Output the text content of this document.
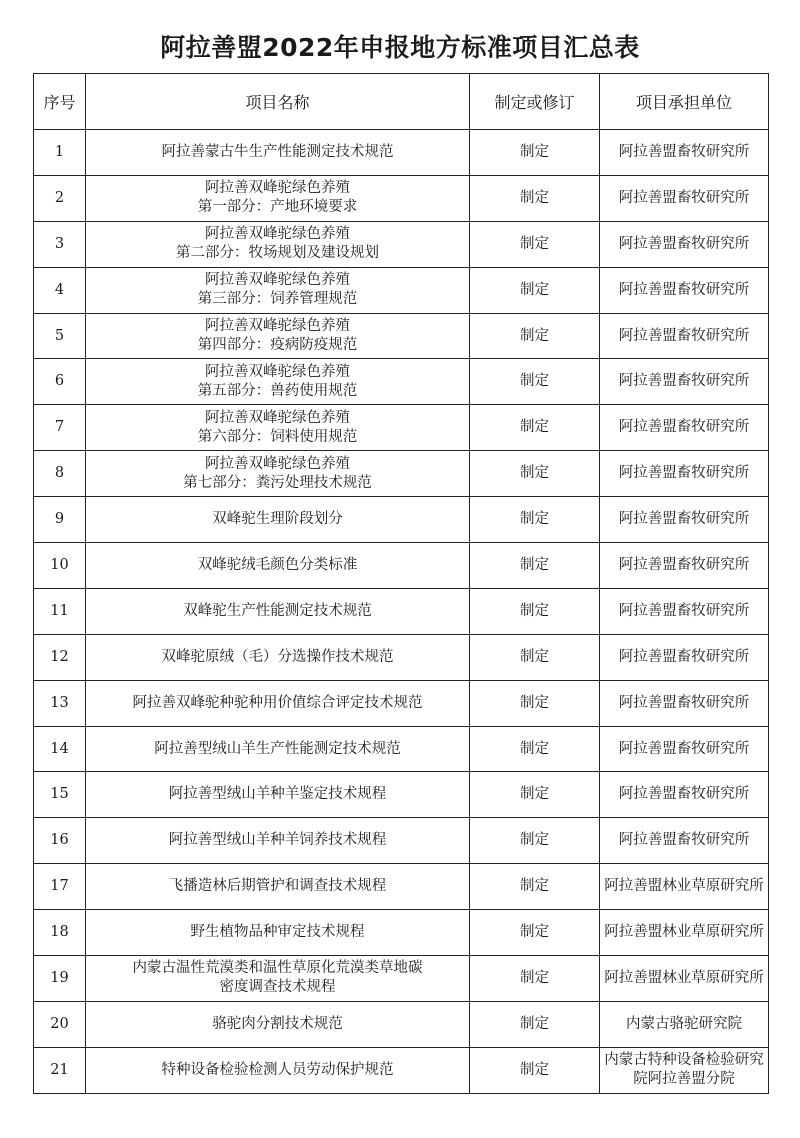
阿拉善盟2022年申报地方标准项目汇总表
序号	项目名称	制定或修订	项目承担单位
1	阿拉善蒙古牛生产性能测定技术规范	制定	阿拉善盟畜牧研究所

2	阿拉善双峰驼绿色养殖
第一部分：产地环境要求	制定	阿拉善盟畜牧研究所

3	阿拉善双峰驼绿色养殖
第二部分：牧场规划及建设规划	制定	阿拉善盟畜牧研究所

4	阿拉善双峰驼绿色养殖
第三部分：饲养管理规范	制定	阿拉善盟畜牧研究所

5	阿拉善双峰驼绿色养殖
第四部分：疫病防疫规范	制定	阿拉善盟畜牧研究所

6	阿拉善双峰驼绿色养殖
第五部分：兽药使用规范	制定	阿拉善盟畜牧研究所

7	阿拉善双峰驼绿色养殖
第六部分：饲料使用规范	制定	阿拉善盟畜牧研究所

8	阿拉善双峰驼绿色养殖
第七部分：粪污处理技术规范	制定	阿拉善盟畜牧研究所

9	双峰驼生理阶段划分	制定	阿拉善盟畜牧研究所

10	双峰驼绒毛颜色分类标准	制定	阿拉善盟畜牧研究所

11	双峰驼生产性能测定技术规范	制定	阿拉善盟畜牧研究所

12	双峰驼原绒（毛）分选操作技术规范	制定	阿拉善盟畜牧研究所

13	阿拉善双峰驼种驼种用价值综合评定技术规范	制定	阿拉善盟畜牧研究所

14	阿拉善型绒山羊生产性能测定技术规范	制定	阿拉善盟畜牧研究所

15	阿拉善型绒山羊种羊鉴定技术规程	制定	阿拉善盟畜牧研究所

16	阿拉善型绒山羊种羊饲养技术规程	制定	阿拉善盟畜牧研究所

17	飞播造林后期管护和调查技术规程	制定	阿拉善盟林业草原研究所

18	野生植物品种审定技术规程	制定	阿拉善盟林业草原研究所

19	内蒙古温性荒漠类和温性草原化荒漠类草地碳
密度调查技术规程	制定	阿拉善盟林业草原研究所

20	骆驼肉分割技术规范	制定	内蒙古骆驼研究院

21	特种设备检验检测人员劳动保护规范	制定	内蒙古特种设备检验研究
院阿拉善盟分院
